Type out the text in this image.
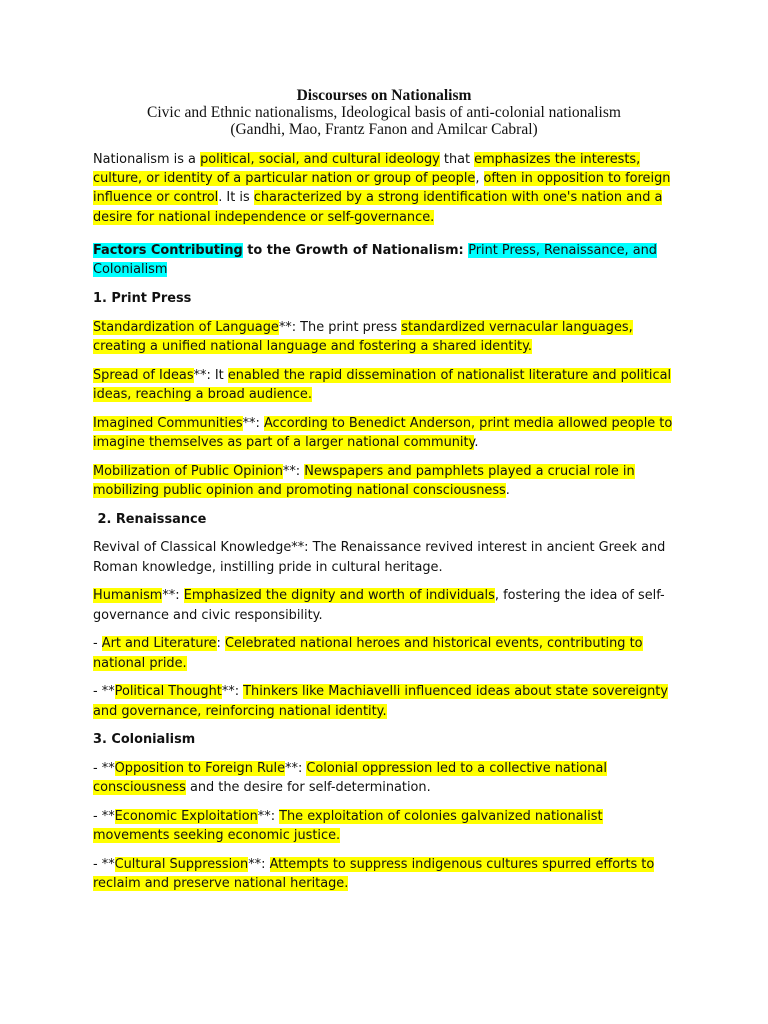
Discourses on Nationalism
Civic and Ethnic nationalisms, Ideological basis of anti-colonial nationalism
(Gandhi, Mao, Frantz Fanon and Amilcar Cabral)

Nationalism is a political, social, and cultural ideology that emphasizes the interests, culture, or identity of a particular nation or group of people, often in opposition to foreign influence or control. It is characterized by a strong identification with one's nation and a desire for national independence or self-governance.

Factors Contributing to the Growth of Nationalism: Print Press, Renaissance, and Colonialism

1. Print Press

Standardization of Language**: The print press standardized vernacular languages, creating a unified national language and fostering a shared identity.

Spread of Ideas**: It enabled the rapid dissemination of nationalist literature and political ideas, reaching a broad audience.

Imagined Communities**: According to Benedict Anderson, print media allowed people to imagine themselves as part of a larger national community.

Mobilization of Public Opinion**: Newspapers and pamphlets played a crucial role in mobilizing public opinion and promoting national consciousness.

2. Renaissance

Revival of Classical Knowledge**: The Renaissance revived interest in ancient Greek and Roman knowledge, instilling pride in cultural heritage.

Humanism**: Emphasized the dignity and worth of individuals, fostering the idea of self-governance and civic responsibility.

- Art and Literature: Celebrated national heroes and historical events, contributing to national pride.

- **Political Thought**: Thinkers like Machiavelli influenced ideas about state sovereignty and governance, reinforcing national identity.

3. Colonialism

- **Opposition to Foreign Rule**: Colonial oppression led to a collective national consciousness and the desire for self-determination.

- **Economic Exploitation**: The exploitation of colonies galvanized nationalist movements seeking economic justice.

- **Cultural Suppression**: Attempts to suppress indigenous cultures spurred efforts to reclaim and preserve national heritage.
